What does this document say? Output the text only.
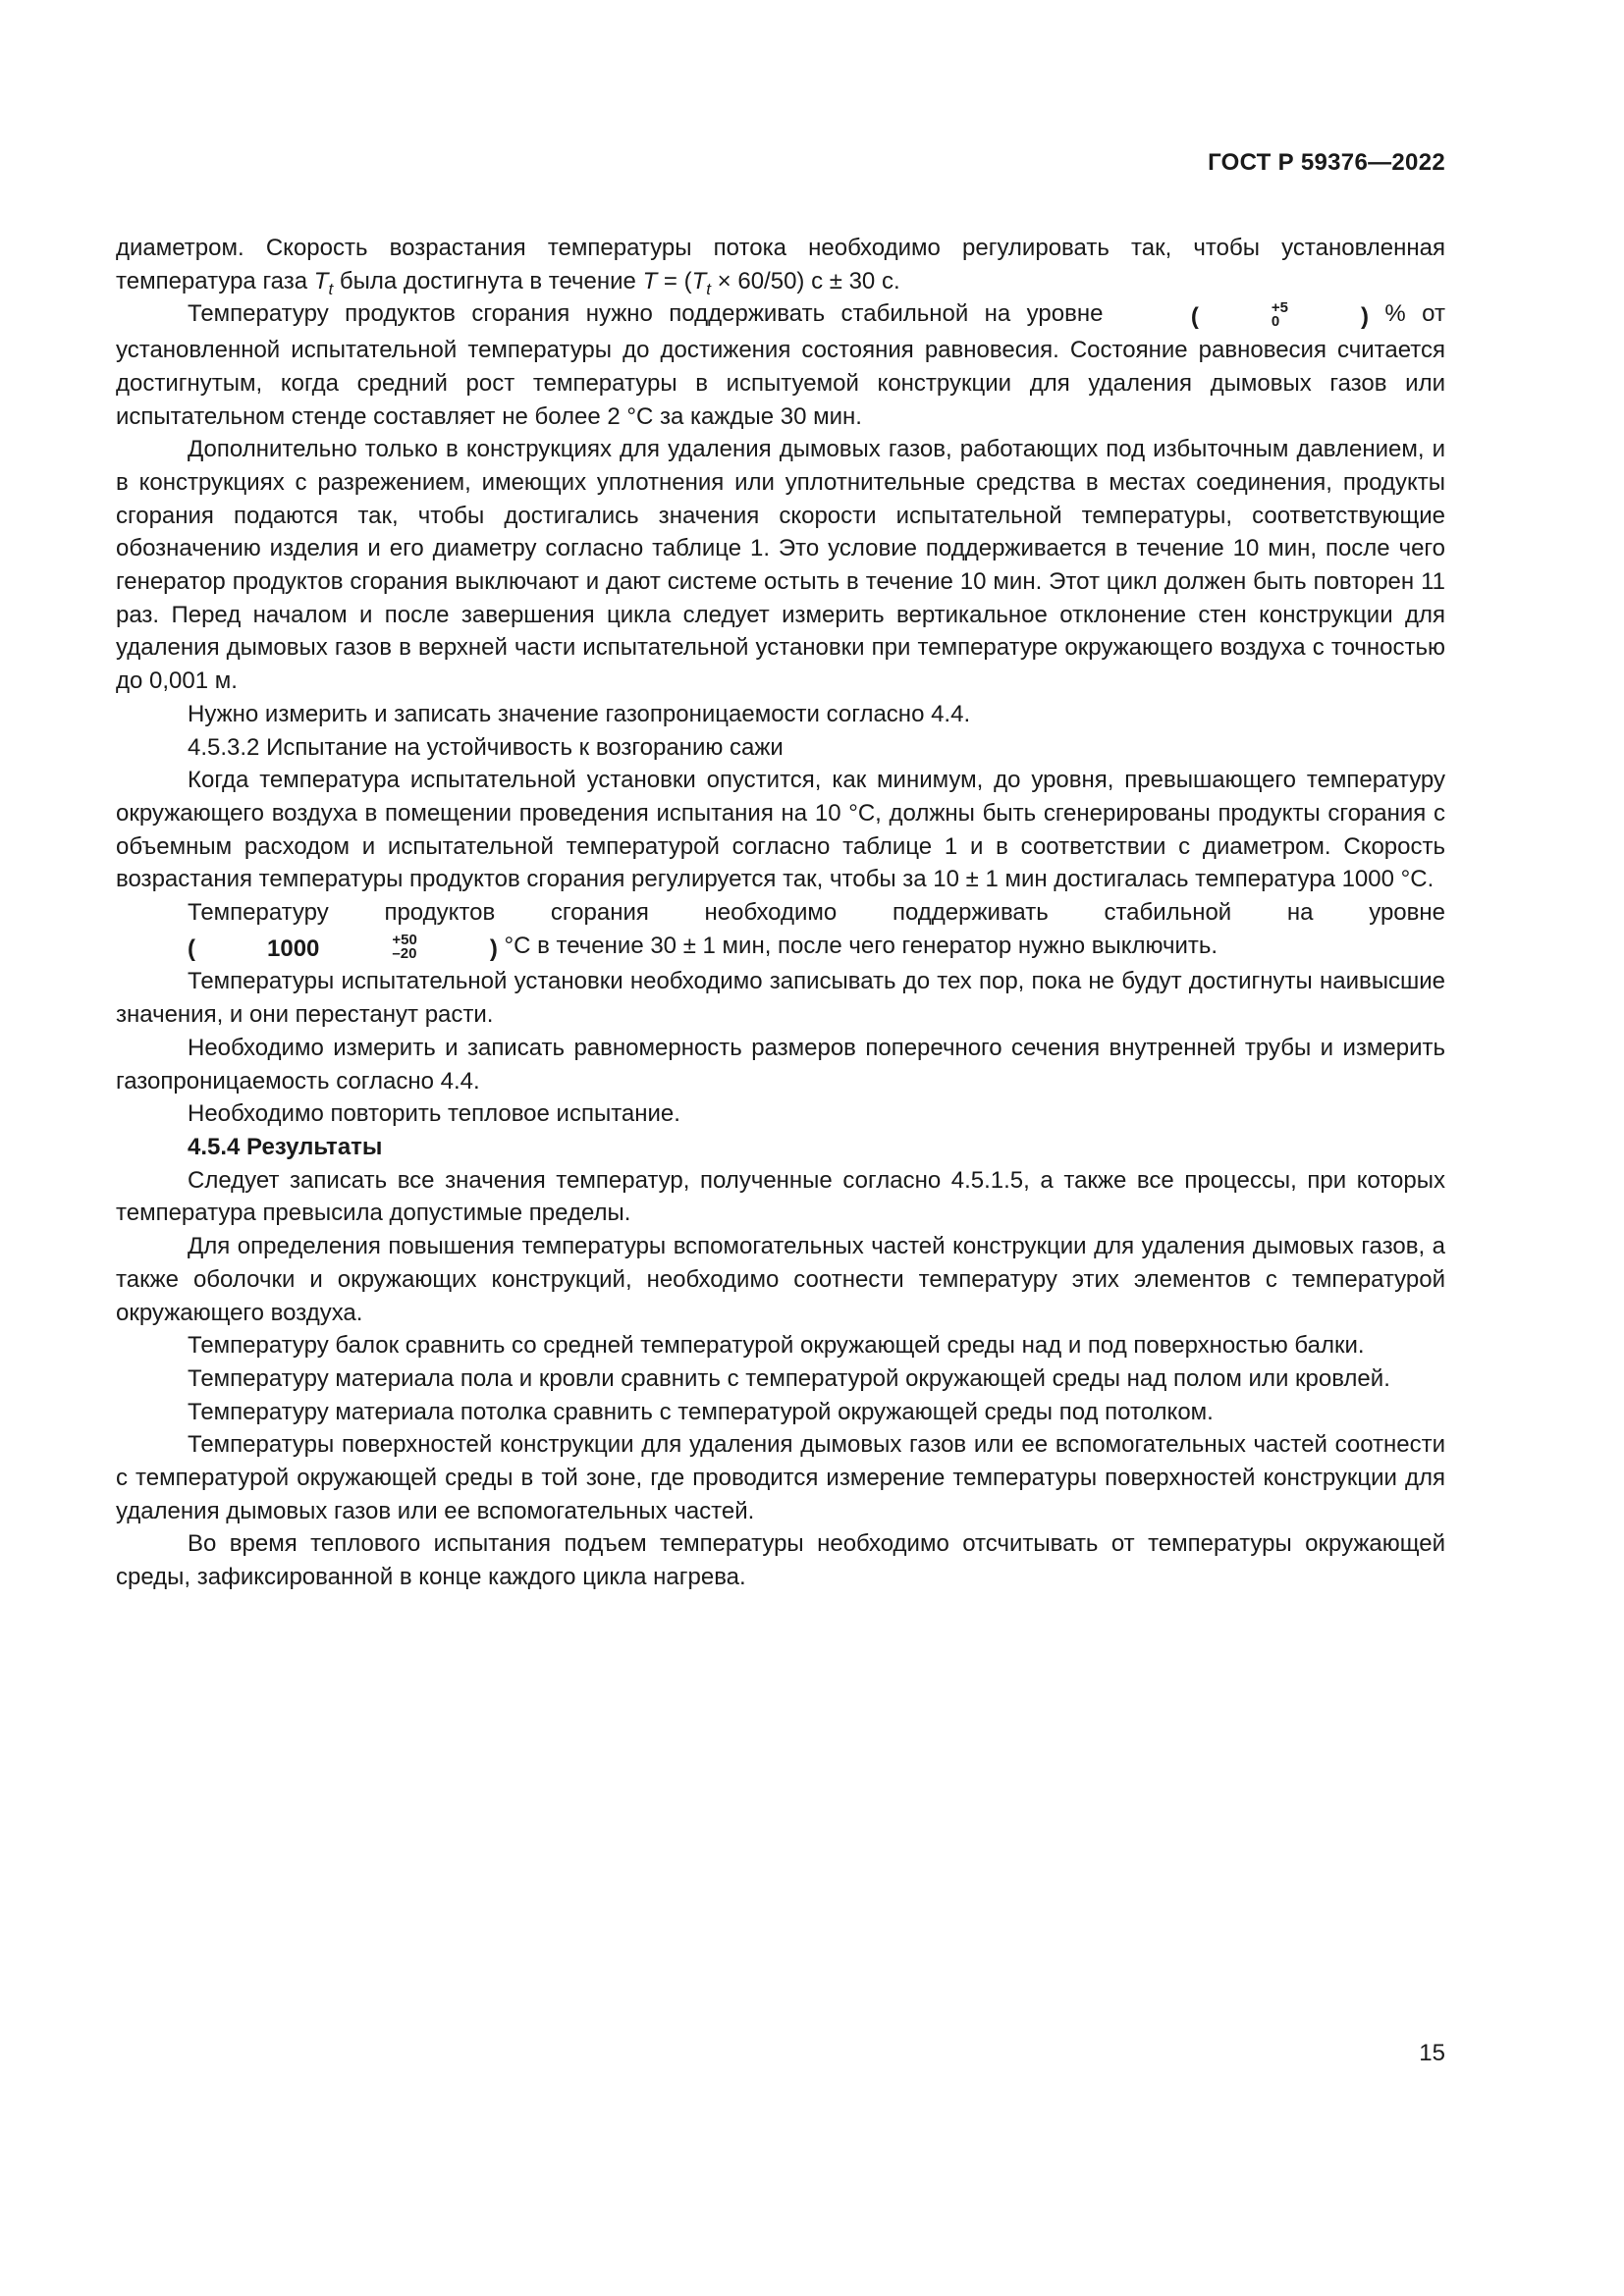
ГОСТ Р 59376—2022

диаметром. Скорость возрастания температуры потока необходимо регулировать так, чтобы установленная температура газа $T_t$ была достигнута в течение $T = (T_t \times 60/50) с \pm 30$ с.

Температуру продуктов сгорания нужно поддерживать стабильной на уровне	(	+5
0	) % от установленной испытательной температуры до достижения состояния равновесия. Состояние равновесия считается достигнутым, когда средний рост температуры в испытуемой конструкции для удаления дымовых газов или испытательном стенде составляет не более 2 °С за каждые 30 мин.

Дополнительно только в конструкциях для удаления дымовых газов, работающих под избыточным давлением, и в конструкциях с разрежением, имеющих уплотнения или уплотнительные средства в местах соединения, продукты сгорания подаются так, чтобы достигались значения скорости испытательной температуры, соответствующие обозначению изделия и его диаметру согласно таблице 1. Это условие поддерживается в течение 10 мин, после чего генератор продуктов сгорания выключают и дают системе остыть в течение 10 мин. Этот цикл должен быть повторен 11 раз. Перед началом и после завершения цикла следует измерить вертикальное отклонение стен конструкции для удаления дымовых газов в верхней части испытательной установки при температуре окружающего воздуха с точностью до 0,001 м.

Нужно измерить и записать значение газопроницаемости согласно 4.4.

4.5.3.2 Испытание на устойчивость к возгоранию сажи

Когда температура испытательной установки опустится, как минимум, до уровня, превышающего температуру окружающего воздуха в помещении проведения испытания на 10 °С, должны быть сгенерированы продукты сгорания с объемным расходом и испытательной температурой согласно таблице 1 и в соответствии с диаметром. Скорость возрастания температуры продуктов сгорания регулируется так, чтобы за 10 ± 1 мин достигалась температура 1000 °С.

Температуру продуктов сгорания необходимо поддерживать стабильной на уровне (	1000	+50
–20	) °С в течение 30 ± 1 мин, после чего генератор нужно выключить.

Температуры испытательной установки необходимо записывать до тех пор, пока не будут достигнуты наивысшие значения, и они перестанут расти.

Необходимо измерить и записать равномерность размеров поперечного сечения внутренней трубы и измерить газопроницаемость согласно 4.4.

Необходимо повторить тепловое испытание.

4.5.4 Результаты

Следует записать все значения температур, полученные согласно 4.5.1.5, а также все процессы, при которых температура превысила допустимые пределы.

Для определения повышения температуры вспомогательных частей конструкции для удаления дымовых газов, а также оболочки и окружающих конструкций, необходимо соотнести температуру этих элементов с температурой окружающего воздуха.

Температуру балок сравнить со средней температурой окружающей среды над и под поверхностью балки.

Температуру материала пола и кровли сравнить с температурой окружающей среды над полом или кровлей.

Температуру материала потолка сравнить с температурой окружающей среды под потолком.

Температуры поверхностей конструкции для удаления дымовых газов или ее вспомогательных частей соотнести с температурой окружающей среды в той зоне, где проводится измерение температуры поверхностей конструкции для удаления дымовых газов или ее вспомогательных частей.

Во время теплового испытания подъем температуры необходимо отсчитывать от температуры окружающей среды, зафиксированной в конце каждого цикла нагрева.

15
